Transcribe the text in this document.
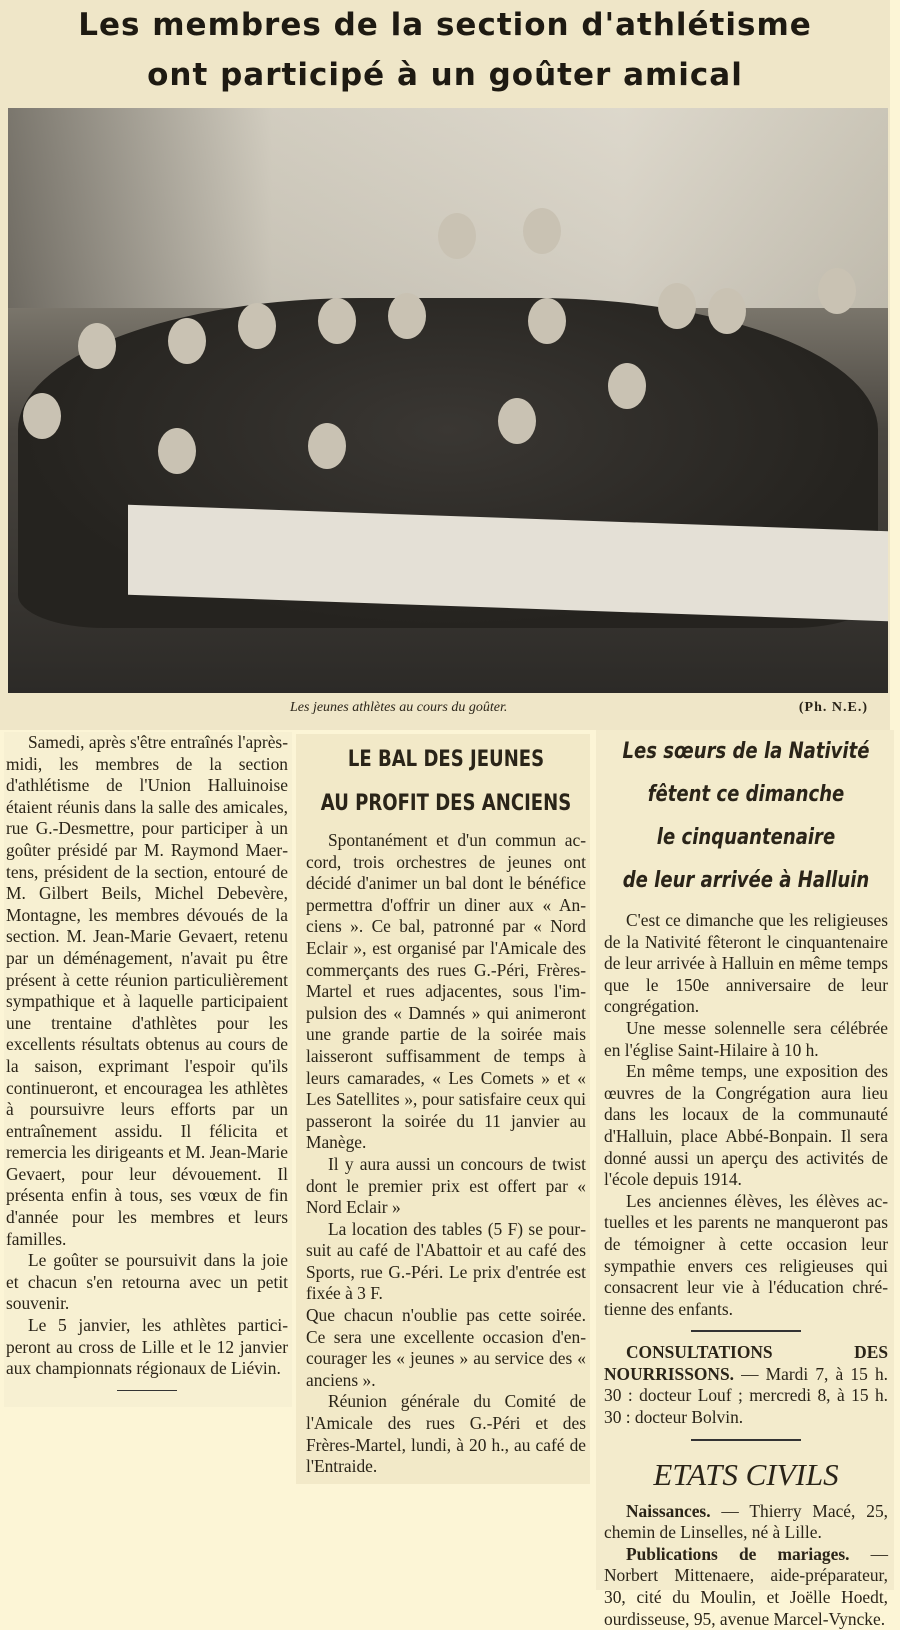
Les membres de la section d'athlétisme
ont participé à un goûter amical
Les jeunes athlètes au cours du goûter.	(Ph. N.E.)

Samedi, après s'être entraînés l'après-midi, les membres de la section d'athlétisme de l'Union Halluinoise étaient réunis dans la salle des amicales, rue G.-Desmettre, pour participer à un goûter présidé par M. Raymond Maertens, président de la section, entouré de M. Gilbert Beils, Michel Debevère, Montagne, les membres dévoués de la section. M. Jean-Marie Gevaert, retenu par un déménagement, n'avait pu être présent à cette réunion particulièrement sympathique et à laquelle participaient une trentaine d'athlètes pour les excellents résultats obtenus au cours de la saison, exprimant l'espoir qu'ils continueront, et encouragea les athlètes à poursuivre leurs efforts par un entraînement assidu. Il félicita et remercia les dirigeants et M. Jean-Marie Gevaert, pour leur dévouement. Il présenta enfin à tous, ses vœux de fin d'année pour les membres et leurs familles.

Le goûter se poursuivit dans la joie et chacun s'en retourna avec un petit souvenir.

Le 5 janvier, les athlètes participeront au cross de Lille et le 12 janvier aux championnats régionaux de Liévin.

LE BAL DES JEUNES
AU PROFIT DES ANCIENS

Spontanément et d'un commun accord, trois orchestres de jeunes ont décidé d'animer un bal dont le bénéfice permettra d'offrir un diner aux « Anciens ». Ce bal, patronné par « Nord Eclair », est organisé par l'Amicale des commerçants des rues G.-Péri, Frères-Martel et rues adjacentes, sous l'impulsion des « Damnés » qui animeront une grande partie de la soirée mais laisseront suffisamment de temps à leurs camarades, « Les Comets » et « Les Satellites », pour satisfaire ceux qui passeront la soirée du 11 janvier au Manège.

Il y aura aussi un concours de twist dont le premier prix est offert par « Nord Eclair »

La location des tables (5 F) se poursuit au café de l'Abattoir et au café des Sports, rue G.-Péri. Le prix d'entrée est fixée à 3 F.

Que chacun n'oublie pas cette soirée. Ce sera une excellente occasion d'encourager les « jeunes » au service des « anciens ».

Réunion générale du Comité de l'Amicale des rues G.-Péri et des Frères-Martel, lundi, à 20 h., au café de l'Entraide.

Les sœurs de la Nativité
fêtent ce dimanche
le cinquantenaire
de leur arrivée à Halluin

C'est ce dimanche que les religieuses de la Nativité fêteront le cinquantenaire de leur arrivée à Halluin en même temps que le 150e anniversaire de leur congrégation.

Une messe solennelle sera célébrée en l'église Saint-Hilaire à 10 h.

En même temps, une exposition des œuvres de la Congrégation aura lieu dans les locaux de la communauté d'Halluin, place Abbé-Bonpain. Il sera donné aussi un aperçu des activités de l'école depuis 1914.

Les anciennes élèves, les élèves actuelles et les parents ne manqueront pas de témoigner à cette occasion leur sympathie envers ces religieuses qui consacrent leur vie à l'éducation chrétienne des enfants.

CONSULTATIONS DES NOURRISSONS. — Mardi 7, à 15 h. 30 : docteur Louf ; mercredi 8, à 15 h. 30 : docteur Bolvin.

ETATS CIVILS

Naissances. — Thierry Macé, 25, chemin de Linselles, né à Lille.

Publications de mariages. — Norbert Mittenaere, aide-préparateur, 30, cité du Moulin, et Joëlle Hoedt, ourdisseuse, 95, avenue Marcel-Vyncke.
